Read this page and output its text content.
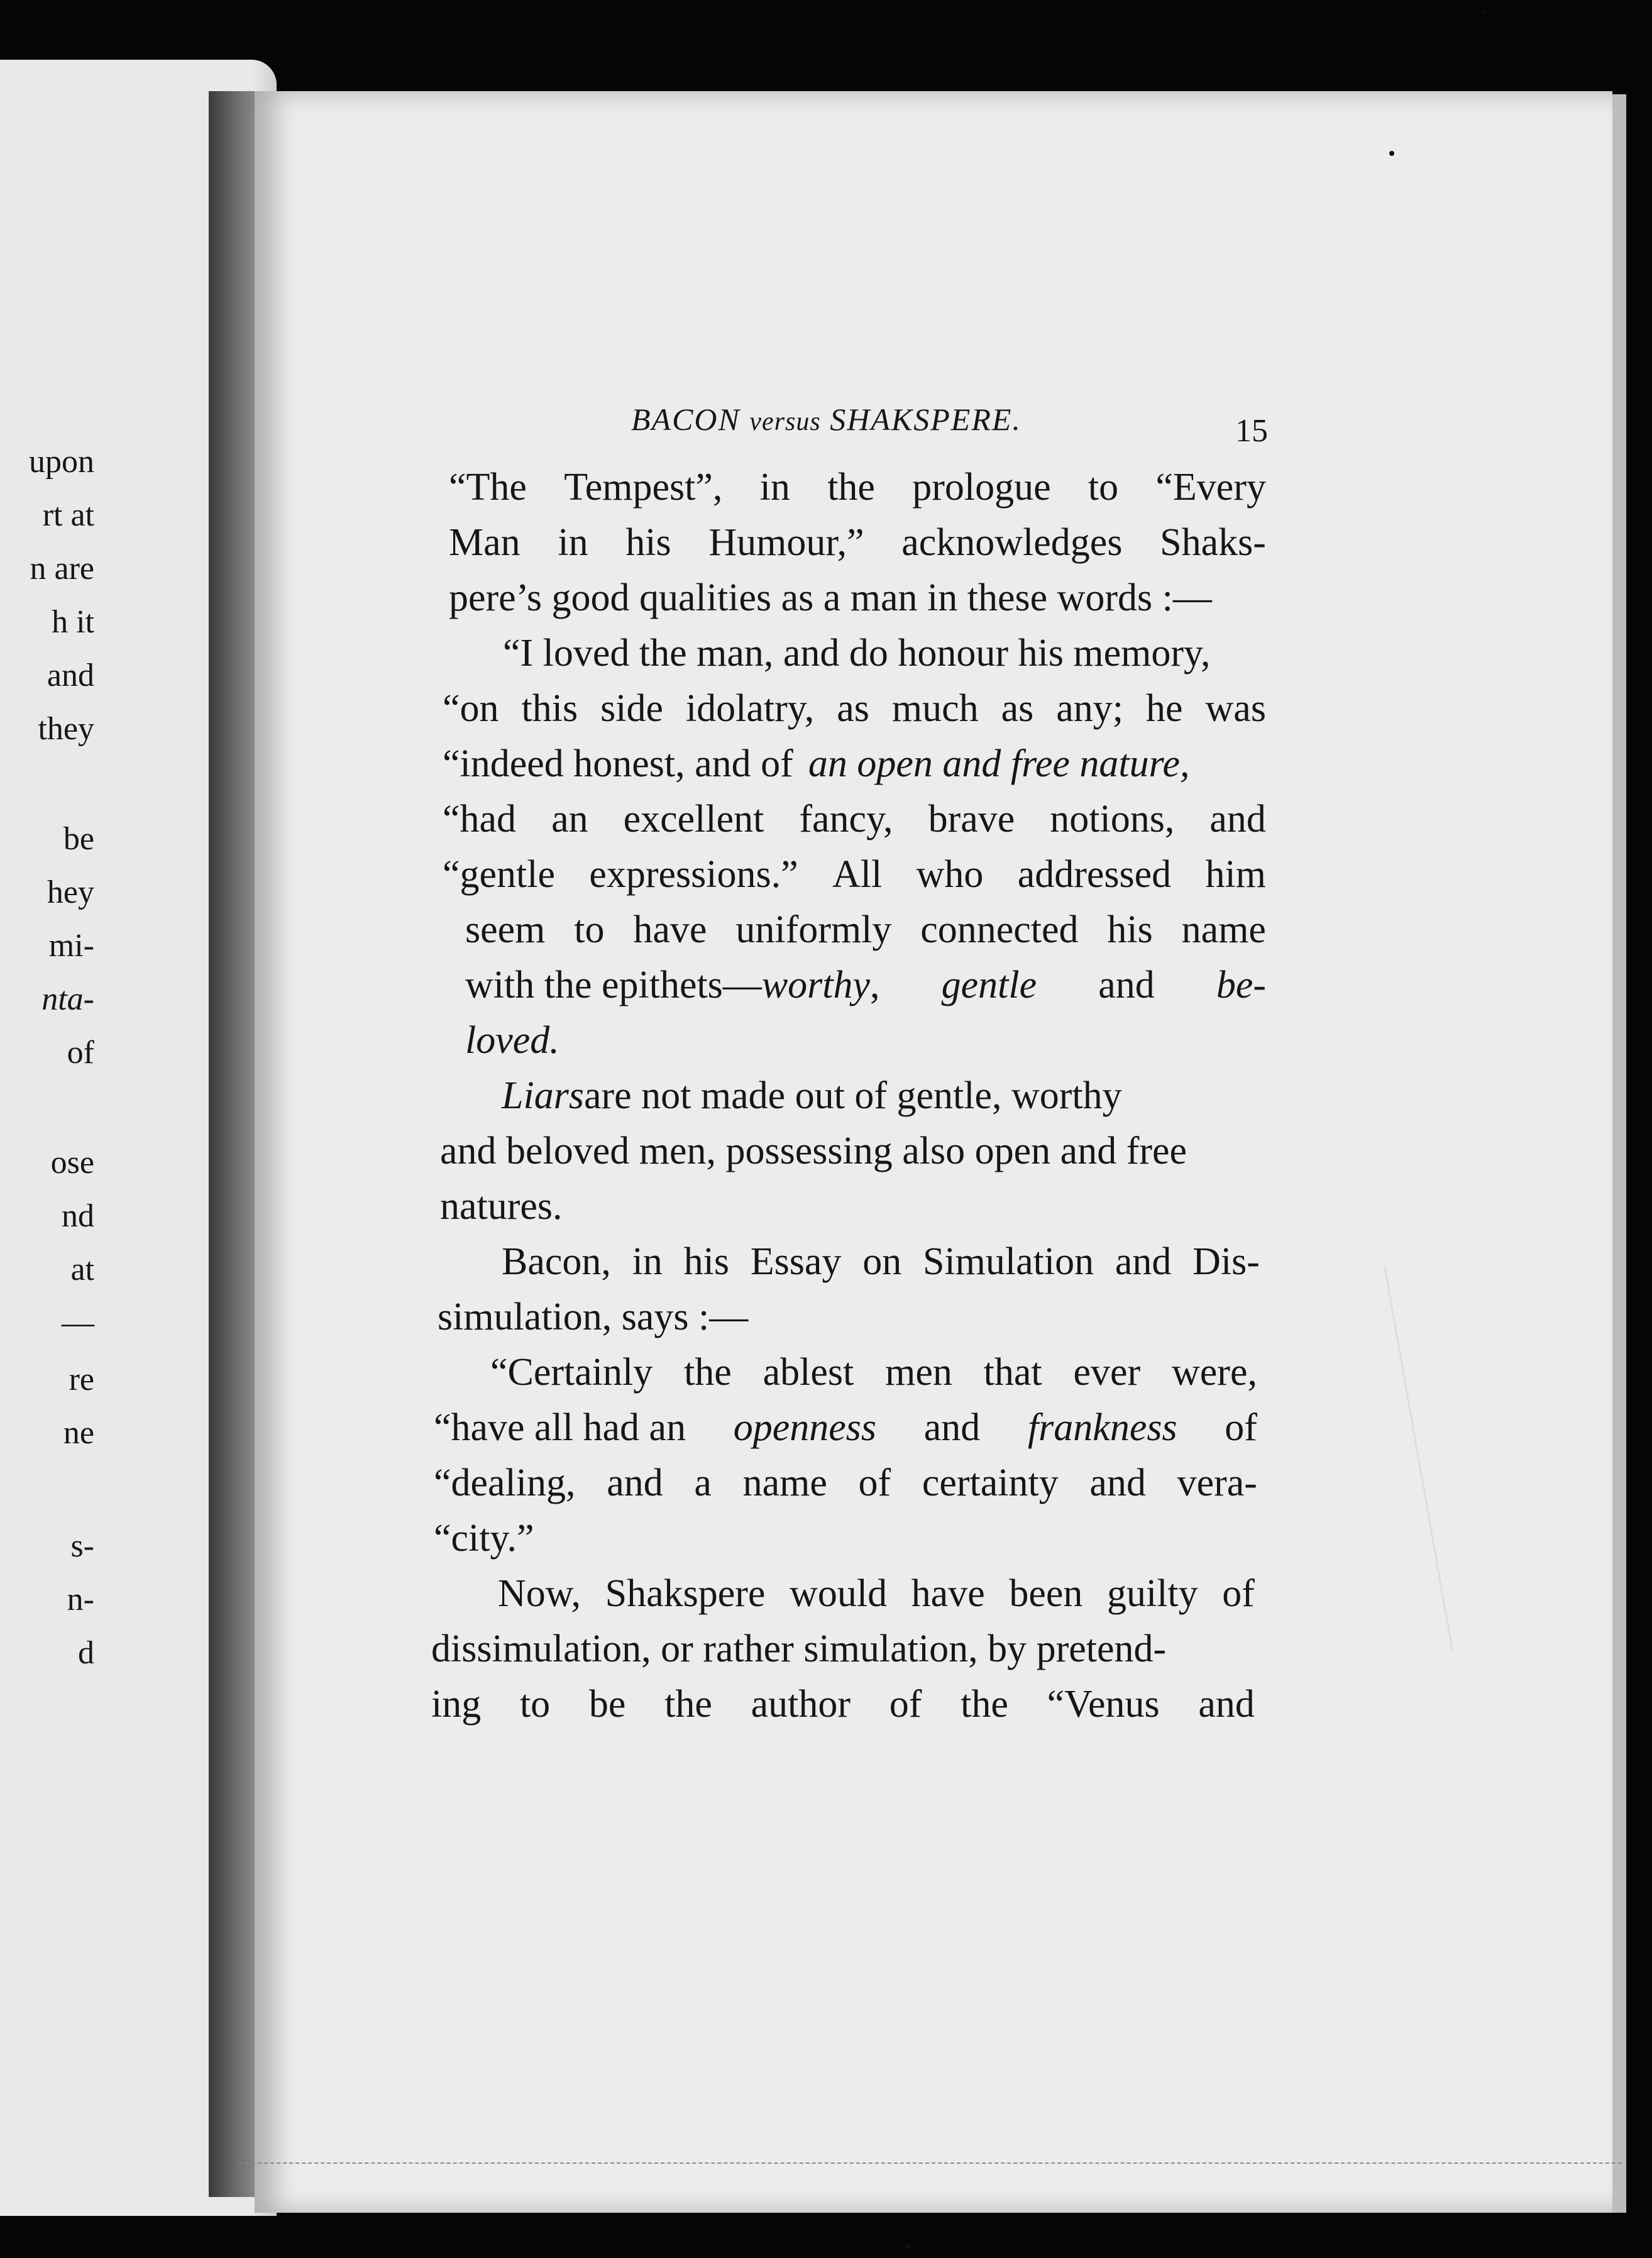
upon
rt at
n are
h it
and
they
be
hey
mi-
nta-
of
ose
nd
at
—
re
ne
s-
n-
d
BACON versus SHAKSPERE.	15
“The Tempest”, in the prologue to “Every
Man in his Humour,” acknowledges Shaks-
pere’s good qualities as a man in these words :—
“I loved the man, and do honour his memory,
“on this side idolatry, as much as any; he was
“indeed honest, and of an open and free nature,
“had an excellent fancy, brave notions, and
“gentle expressions.” All who addressed him
seem to have uniformly connected his name
with the epithets—worthy, gentle and be-
loved.
Liars are not made out of gentle, worthy
and beloved men, possessing also open and free
natures.
Bacon, in his Essay on Simulation and Dis-
simulation, says :—
“Certainly the ablest men that ever were,
“have all had an openness and frankness of
“dealing, and a name of certainty and vera-
“city.”
Now, Shakspere would have been guilty of
dissimulation, or rather simulation, by pretend-
ing to be the author of the “Venus and
